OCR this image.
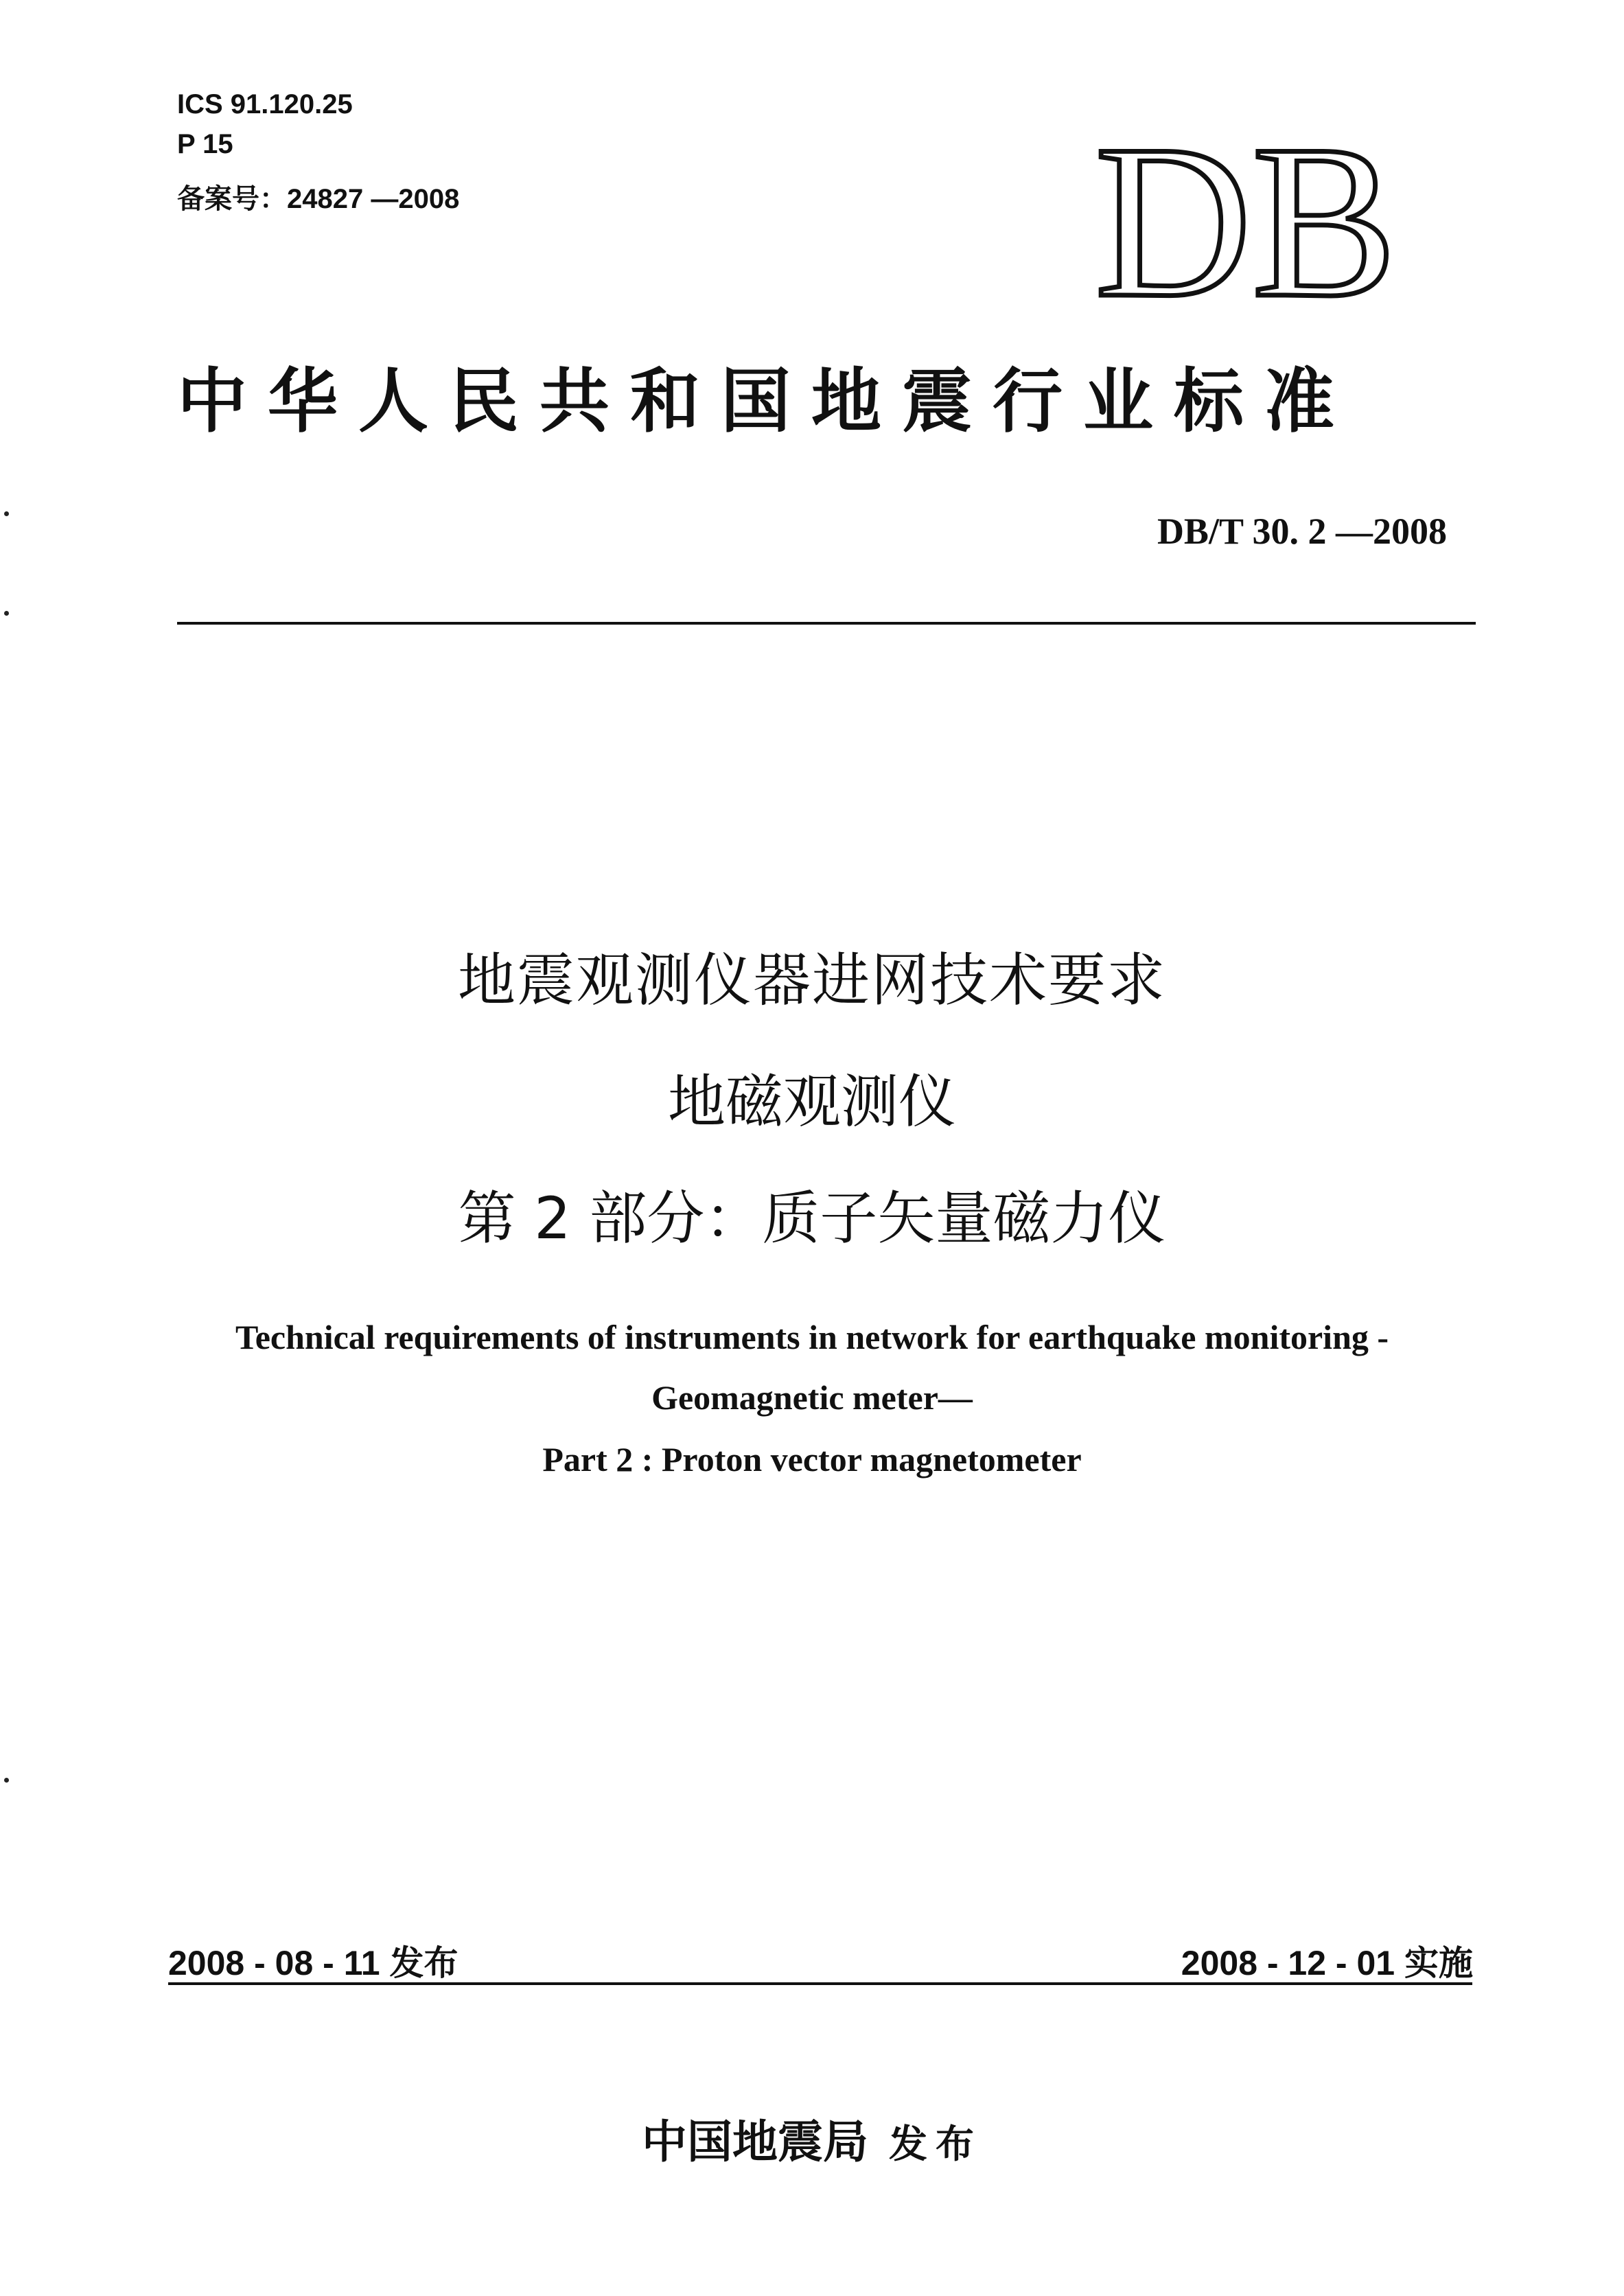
ICS 91.120.25
P 15
备案号：24827 —2008	DB
中华人民共和国地震行业标准
DB/T 30. 2 —2008
地震观测仪器进网技术要求
地磁观测仪
第 2 部分：质子矢量磁力仪
Technical requirements of instruments in network for earthquake monitoring -
Geomagnetic meter—
Part 2 : Proton vector magnetometer
2008 - 08 - 11 发布	2008 - 12 - 01 实施
中国地震局 发布
